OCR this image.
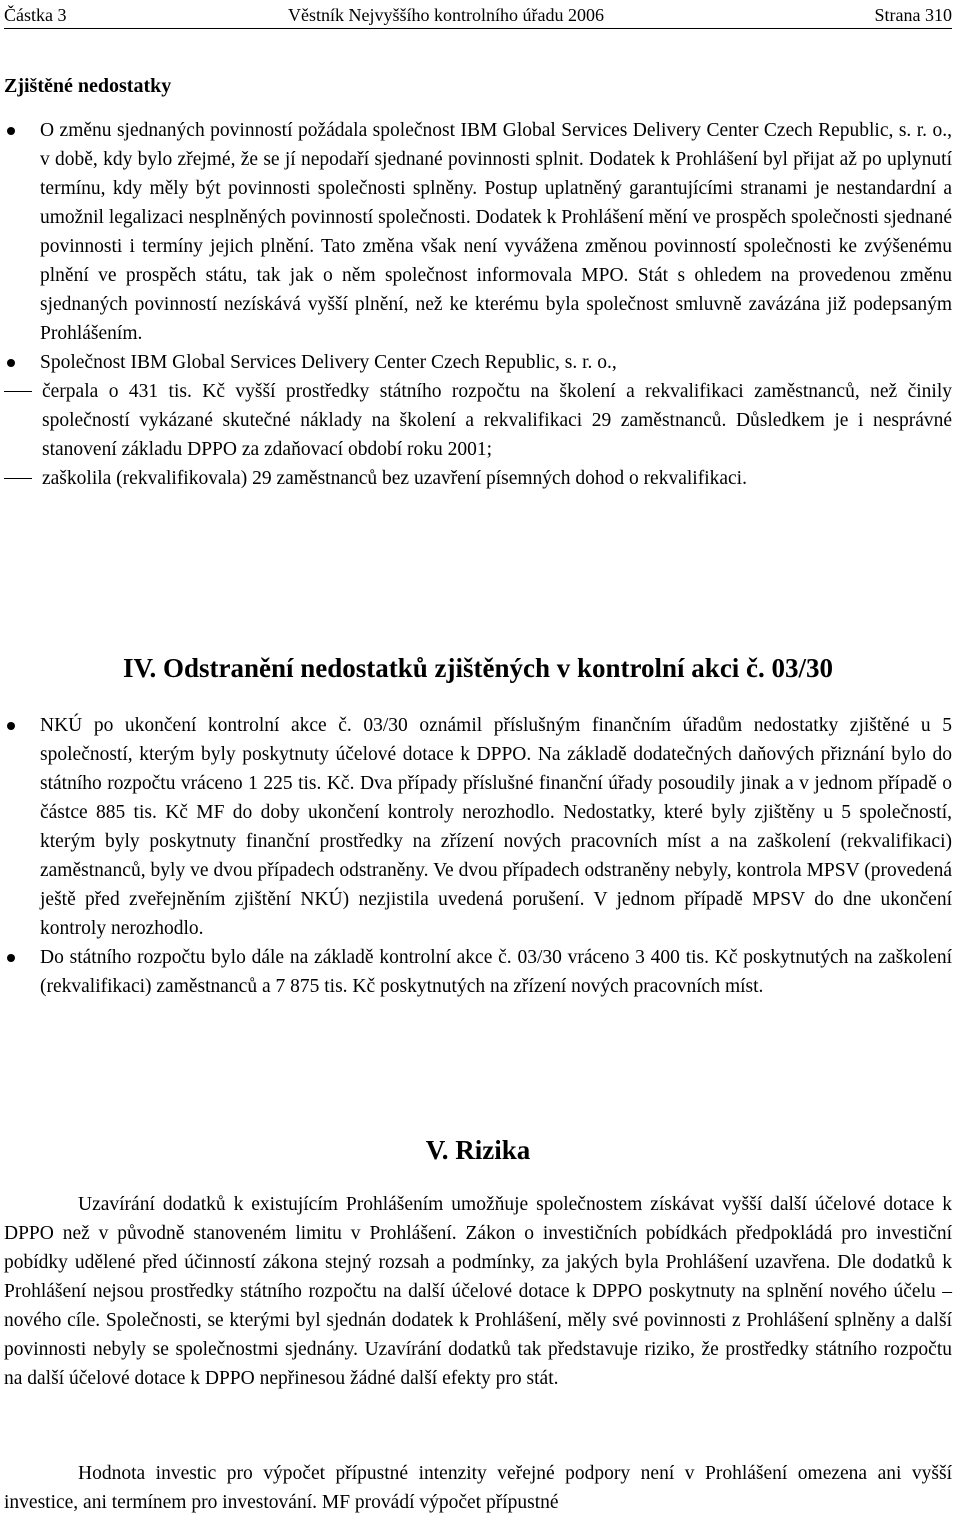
Částka 3	Věstník Nejvyššího kontrolního úřadu 2006	Strana 310
Zjištěné nedostatky
O změnu sjednaných povinností požádala společnost IBM Global Services Delivery Center Czech Republic, s. r. o., v době, kdy bylo zřejmé, že se jí nepodaří sjednané povinnosti splnit. Dodatek k Prohlášení byl přijat až po uplynutí termínu, kdy měly být povinnosti společnosti splněny. Postup uplatněný garantujícími stranami je nestandardní a umožnil legalizaci nesplněných povinností společnosti. Dodatek k Prohlášení mění ve prospěch společnosti sjednané povinnosti i termíny jejich plnění. Tato změna však není vyvážena změnou povinností společnosti ke zvýšenému plnění ve prospěch státu, tak jak o něm společnost informovala MPO. Stát s ohledem na provedenou změnu sjednaných povinností nezískává vyšší plnění, než ke kterému byla společnost smluvně zavázána již podepsaným Prohlášením.
Společnost IBM Global Services Delivery Center Czech Republic, s. r. o.,
čerpala o 431 tis. Kč vyšší prostředky státního rozpočtu na školení a rekvalifikaci zaměstnanců, než činily společností vykázané skutečné náklady na školení a rekvalifikaci 29 zaměstnanců. Důsledkem je i nesprávné stanovení základu DPPO za zdaňovací období roku 2001;
zaškolila (rekvalifikovala) 29 zaměstnanců bez uzavření písemných dohod o rekvalifikaci.
IV. Odstranění nedostatků zjištěných v kontrolní akci č. 03/30
NKÚ po ukončení kontrolní akce č. 03/30 oznámil příslušným finančním úřadům nedostatky zjištěné u 5 společností, kterým byly poskytnuty účelové dotace k DPPO. Na základě dodatečných daňových přiznání bylo do státního rozpočtu vráceno 1 225 tis. Kč. Dva případy příslušné finanční úřady posoudily jinak a v jednom případě o částce 885 tis. Kč MF do doby ukončení kontroly nerozhodlo. Nedostatky, které byly zjištěny u 5 společností, kterým byly poskytnuty finanční prostředky na zřízení nových pracovních míst a na zaškolení (rekvalifikaci) zaměstnanců, byly ve dvou případech odstraněny. Ve dvou případech odstraněny nebyly, kontrola MPSV (provedená ještě před zveřejněním zjištění NKÚ) nezjistila uvedená porušení. V jednom případě MPSV do dne ukončení kontroly nerozhodlo.
Do státního rozpočtu bylo dále na základě kontrolní akce č. 03/30 vráceno 3 400 tis. Kč poskytnutých na zaškolení (rekvalifikaci) zaměstnanců a 7 875 tis. Kč poskytnutých na zřízení nových pracovních míst.
V. Rizika

Uzavírání dodatků k existujícím Prohlášením umožňuje společnostem získávat vyšší další účelové dotace k DPPO než v původně stanoveném limitu v Prohlášení. Zákon o investičních pobídkách předpokládá pro investiční pobídky udělené před účinností zákona stejný rozsah a podmínky, za jakých byla Prohlášení uzavřena. Dle dodatků k Prohlášení nejsou prostředky státního rozpočtu na další účelové dotace k DPPO poskytnuty na splnění nového účelu – nového cíle. Společnosti, se kterými byl sjednán dodatek k Prohlášení, měly své povinnosti z Prohlášení splněny a další povinnosti nebyly se společnostmi sjednány. Uzavírání dodatků tak představuje riziko, že prostředky státního rozpočtu na další účelové dotace k DPPO nepřinesou žádné další efekty pro stát.

Hodnota investic pro výpočet přípustné intenzity veřejné podpory není v Prohlášení omezena ani vyšší investice, ani termínem pro investování. MF provádí výpočet přípustné
